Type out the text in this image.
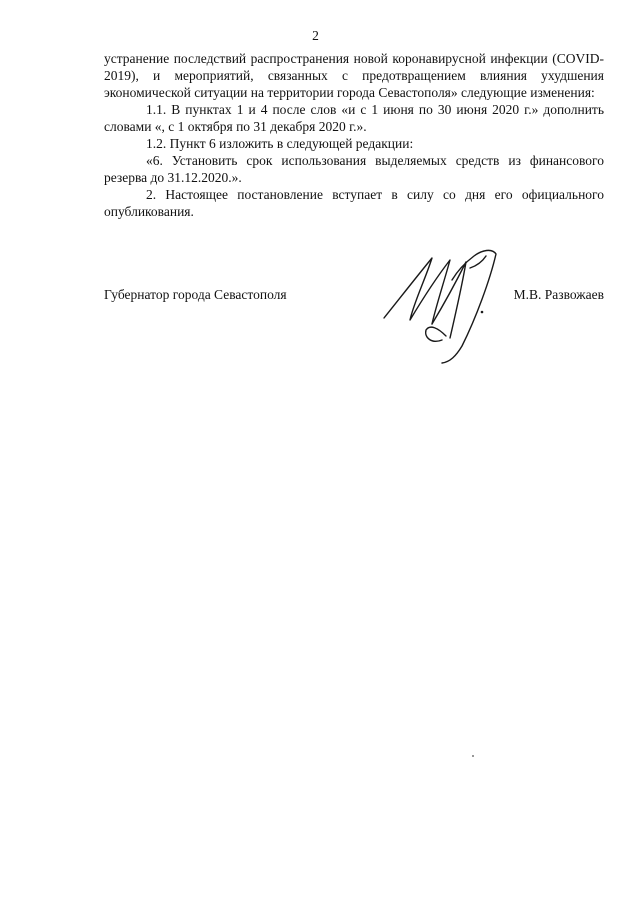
2

устранение последствий распространения новой коронавирусной инфекции (COVID-2019), и мероприятий, связанных с предотвращением влияния ухудшения экономической ситуации на территории города Севастополя» следующие изменения:

1.1. В пунктах 1 и 4 после слов «и с 1 июня по 30 июня 2020 г.» дополнить словами «, с 1 октября по 31 декабря 2020 г.».

1.2. Пункт 6 изложить в следующей редакции:

«6. Установить срок использования выделяемых средств из финансового резерва до 31.12.2020.».

2. Настоящее постановление вступает в силу со дня его официального опубликования.

Губернатор города Севастополя	М.В. Развожаев
